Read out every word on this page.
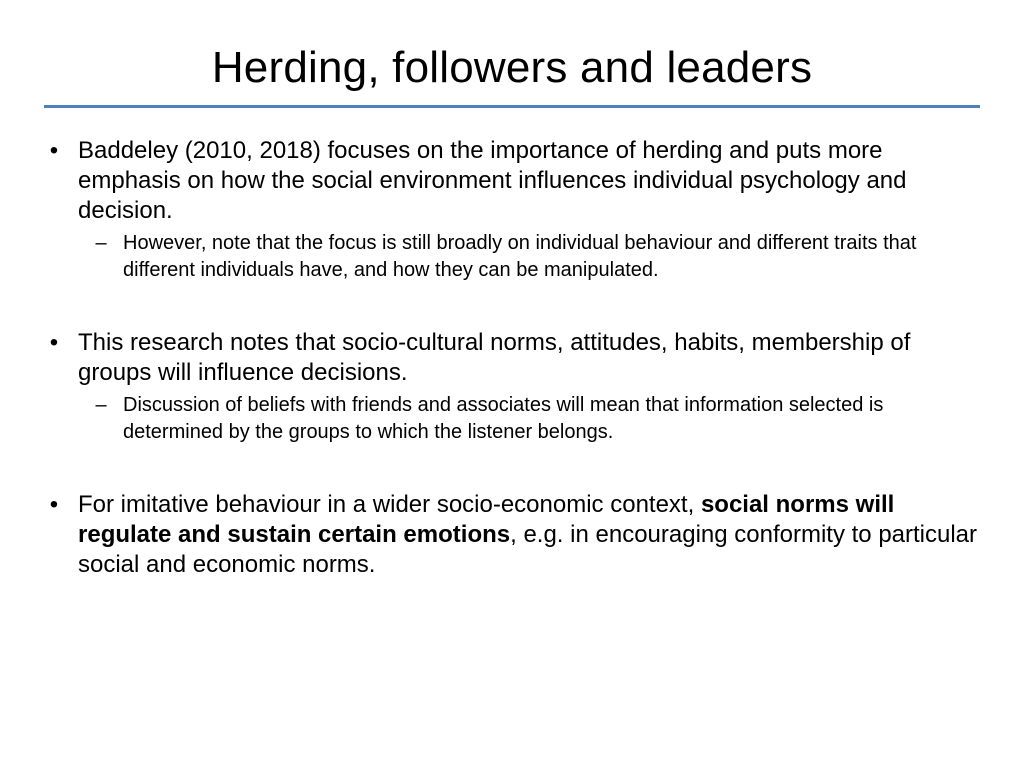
Herding, followers and leaders
• Baddeley (2010, 2018) focuses on the importance of herding and puts more emphasis on how the social environment influences individual psychology and decision.
– However, note that the focus is still broadly on individual behaviour and different traits that different individuals have, and how they can be manipulated.
• This research notes that socio-cultural norms, attitudes, habits, membership of groups will influence decisions.
– Discussion of beliefs with friends and associates will mean that information selected is determined by the groups to which the listener belongs.
• For imitative behaviour in a wider socio-economic context, social norms will regulate and sustain certain emotions, e.g. in encouraging conformity to particular social and economic norms.
